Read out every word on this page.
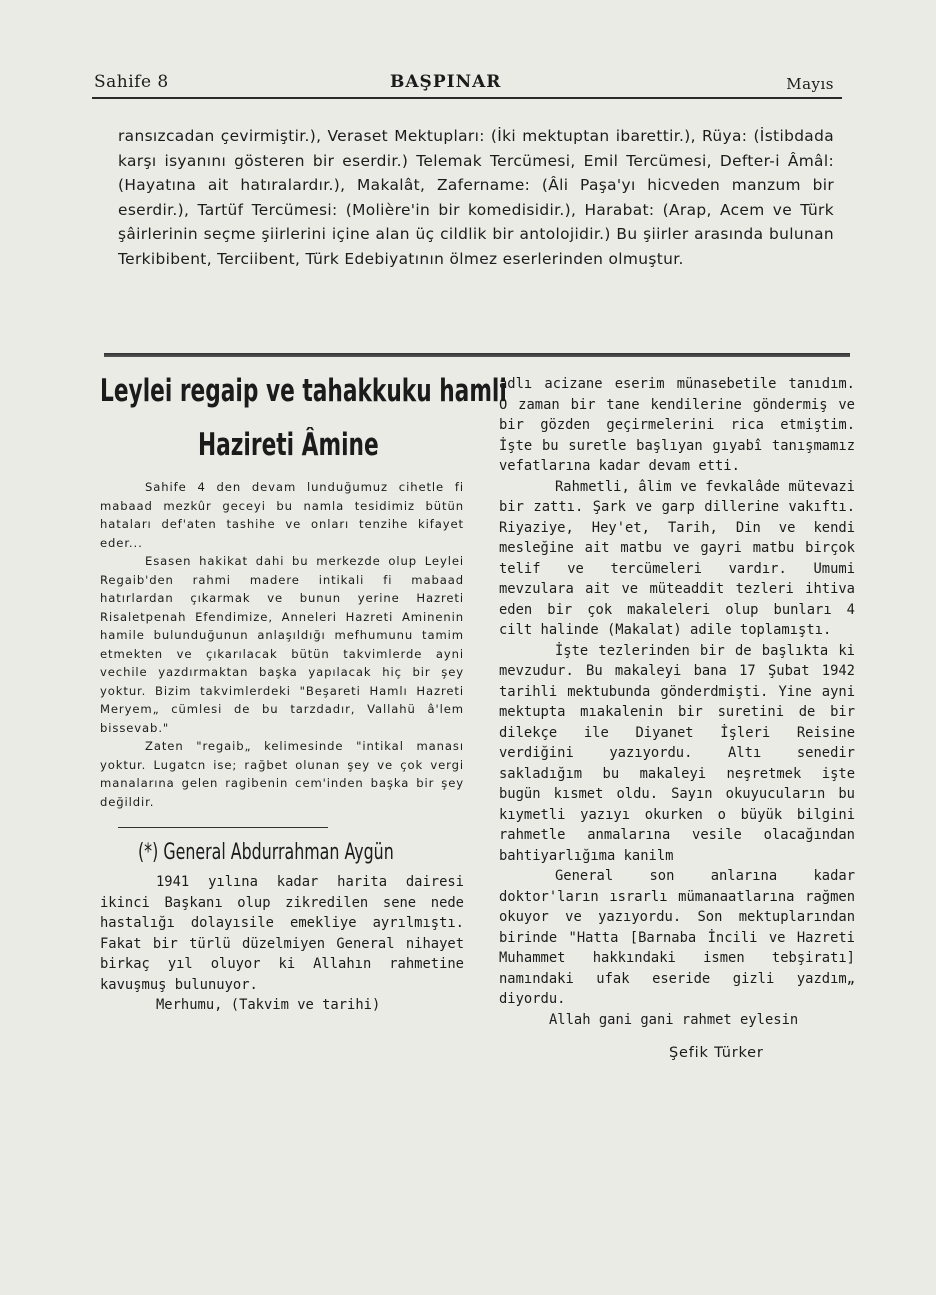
Sahife 8	BAŞPINAR	Mayıs
ransızcadan çevirmiştir.), Veraset Mektupları: (İki mektuptan ibarettir.), Rüya: (İstibdada karşı isyanını gösteren bir eserdir.) Telemak Tercümesi, Emil Tercümesi, Defter-i Âmâl: (Hayatına ait hatıralardır.), Makalât, Zafername: (Âli Paşa'yı hicveden manzum bir eserdir.), Tartüf Tercümesi: (Molière'in bir komedisidir.), Harabat: (Arap, Acem ve Türk şâirlerinin seçme şiirlerini içine alan üç cildlik bir antolojidir.) Bu şiirler arasında bulunan Terkibibent, Terciibent, Türk Edebiyatının ölmez eserlerinden olmuştur.
Leylei regaip ve tahakkuku hamli
Hazireti Âmine

Sahife 4 den devam lunduğumuz cihetle fi mabaad mezkûr geceyi bu namla tesidimiz bütün hataları def'aten tashihe ve onları tenzihe kifayet eder...

Esasen hakikat dahi bu merkezde olup Leylei Regaib'den rahmi madere intikali fi mabaad hatırlardan çıkarmak ve bunun yerine Hazreti Risaletpenah Efendimize, Anneleri Hazreti Aminenin hamile bulunduğunun anlaşıldığı mefhumunu tamim etmekten ve çıkarılacak bütün takvimlerde ayni vechile yazdırmaktan başka yapılacak hiç bir şey yoktur. Bizim takvimlerdeki "Beşareti Hamlı Hazreti Meryem„ cümlesi de bu tarzdadır, Vallahü â'lem bissevab."

Zaten "regaib„ kelimesinde "intikal manası yoktur. Lugatcn ise; rağbet olunan şey ve çok vergi manalarına gelen ragibenin cem'inden başka bir şey değildir.

(*) General Abdurrahman Aygün

1941 yılına kadar harita dairesi ikinci Başkanı olup zikredilen sene nede hastalığı dolayısile emekliye ayrılmıştı. Fakat bir türlü düzelmiyen General nihayet birkaç yıl oluyor ki Allahın rahmetine kavuşmuş bulunuyor.

Merhumu, (Takvim ve tarihi)

adlı acizane eserim münasebetile tanıdım. O zaman bir tane kendilerine göndermiş ve bir gözden geçirmelerini rica etmiştim. İşte bu suretle başlıyan gıyabî tanışmamız vefatlarına kadar devam etti.

Rahmetli, âlim ve fevkalâde mütevazi bir zattı. Şark ve garp dillerine vakıftı. Riyaziye, Hey'et, Tarih, Din ve kendi mesleğine ait matbu ve gayri matbu birçok telif ve tercümeleri vardır. Umumi mevzulara ait ve müteaddit tezleri ihtiva eden bir çok makaleleri olup bunları 4 cilt halinde (Makalat) adile toplamıştı.

İşte tezlerinden bir de başlıkta ki mevzudur. Bu makaleyi bana 17 Şubat 1942 tarihli mektubunda gönderdmişti. Yine ayni mektupta mıakalenin bir suretini de bir dilekçe ile Diyanet İşleri Reisine verdiğini yazıyordu. Altı senedir sakladığım bu makaleyi neşretmek işte bugün kısmet oldu. Sayın okuyucuların bu kıymetli yazıyı okurken o büyük bilgini rahmetle anmalarına vesile olacağından bahtiyarlığıma kanilm

General son anlarına kadar doktor'ların ısrarlı mümanaatlarına rağmen okuyor ve yazıyordu. Son mektuplarından birinde "Hatta [Barnaba İncili ve Hazreti Muhammet hakkındaki ismen tebşiratı] namındaki ufak eseride gizli yazdım„ diyordu.

Allah gani gani rahmet eylesin

Şefik Türker
